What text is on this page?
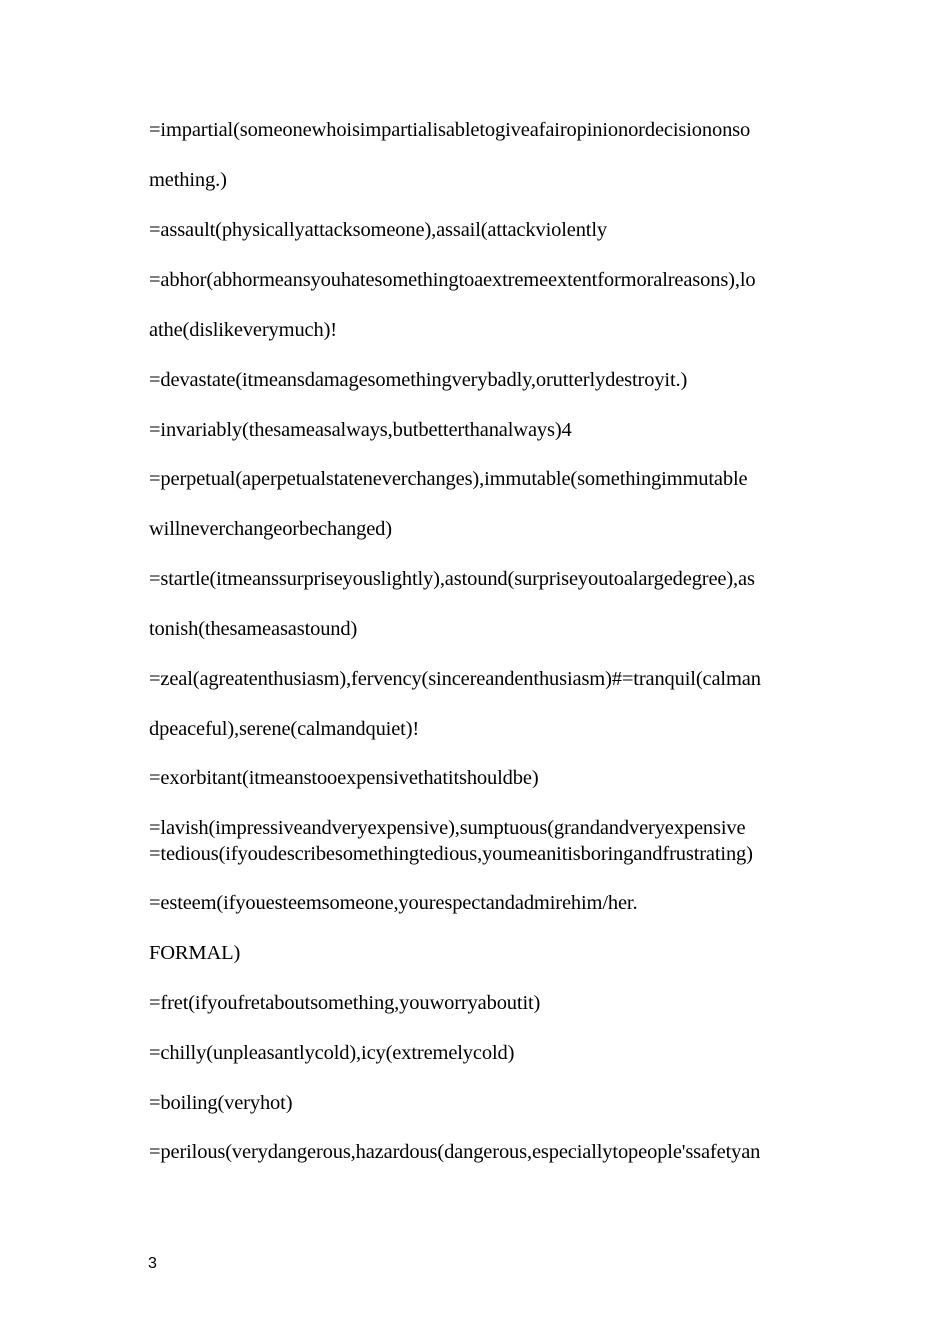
=impartial(someonewhoisimpartialisabletogiveafairopinionordecisiononso
mething.)
=assault(physicallyattacksomeone),assail(attackviolently
=abhor(abhormeansyouhatesomethingtoaextremeextentformoralreasons),lo
athe(dislikeverymuch)!
=devastate(itmeansdamagesomethingverybadly,orutterlydestroyit.)
=invariably(thesameasalways,butbetterthanalways)4
=perpetual(aperpetualstateneverchanges),immutable(somethingimmutable
willneverchangeorbechanged)
=startle(itmeanssurpriseyouslightly),astound(surpriseyoutoalargedegree),as
tonish(thesameasastound)
=zeal(agreatenthusiasm),fervency(sincereandenthusiasm)#=tranquil(calman
dpeaceful),serene(calmandquiet)!
=exorbitant(itmeanstooexpensivethatitshouldbe)
=lavish(impressiveandveryexpensive),sumptuous(grandandveryexpensive
=tedious(ifyoudescribesomethingtedious,youmeanitisboringandfrustrating)
=esteem(ifyouesteemsomeone,yourespectandadmirehim/her.
FORMAL)
=fret(ifyoufretaboutsomething,youworryaboutit)
=chilly(unpleasantlycold),icy(extremelycold)
=boiling(veryhot)
=perilous(verydangerous,hazardous(dangerous,especiallytopeople'ssafetyan
3
